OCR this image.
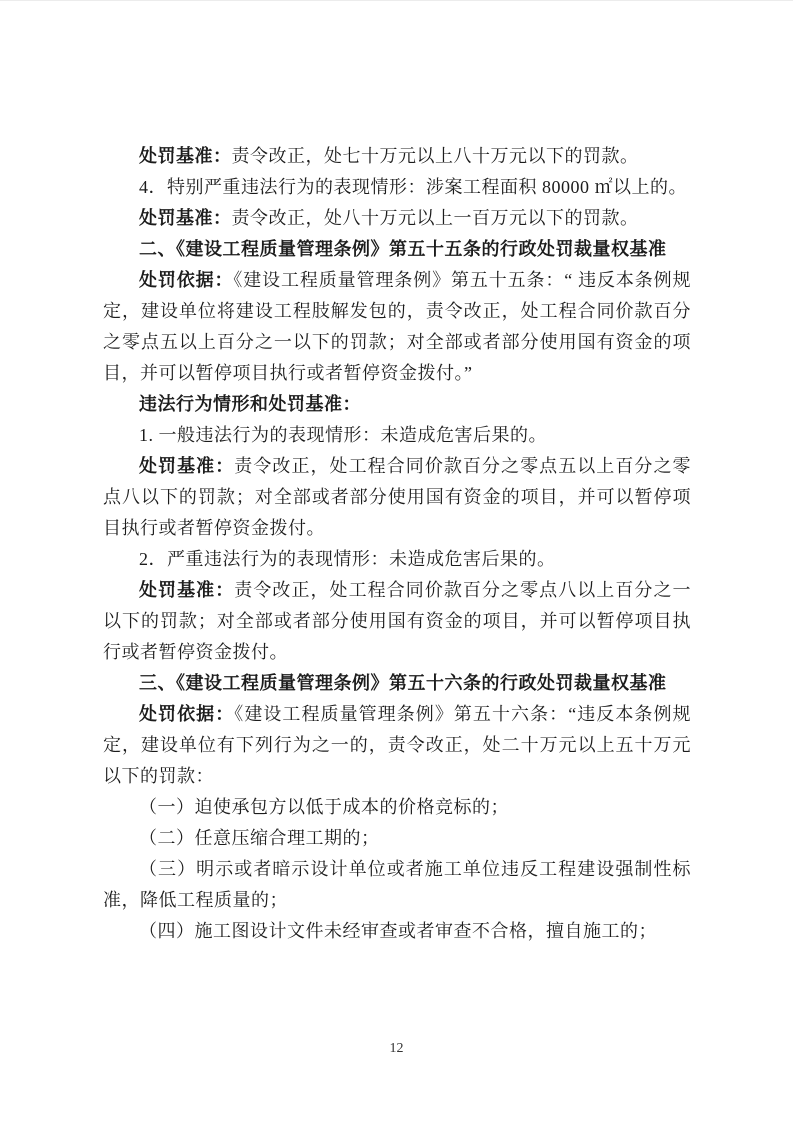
处罚基准：责令改正，处七十万元以上八十万元以下的罚款。

4．特别严重违法行为的表现情形：涉案工程面积 80000 ㎡以上的。

处罚基准：责令改正，处八十万元以上一百万元以下的罚款。

二、《建设工程质量管理条例》第五十五条的行政处罚裁量权基准

处罚依据：《建设工程质量管理条例》第五十五条：“ 违反本条例规定，建设单位将建设工程肢解发包的，责令改正，处工程合同价款百分之零点五以上百分之一以下的罚款；对全部或者部分使用国有资金的项目，并可以暂停项目执行或者暂停资金拨付。”

违法行为情形和处罚基准：

1. 一般违法行为的表现情形：未造成危害后果的。

处罚基准：责令改正，处工程合同价款百分之零点五以上百分之零点八以下的罚款；对全部或者部分使用国有资金的项目，并可以暂停项目执行或者暂停资金拨付。

2．严重违法行为的表现情形：未造成危害后果的。

处罚基准：责令改正，处工程合同价款百分之零点八以上百分之一以下的罚款；对全部或者部分使用国有资金的项目，并可以暂停项目执行或者暂停资金拨付。

三、《建设工程质量管理条例》第五十六条的行政处罚裁量权基准

处罚依据：《建设工程质量管理条例》第五十六条：“违反本条例规定，建设单位有下列行为之一的，责令改正，处二十万元以上五十万元以下的罚款：

（一）迫使承包方以低于成本的价格竞标的；

（二）任意压缩合理工期的；

（三）明示或者暗示设计单位或者施工单位违反工程建设强制性标准，降低工程质量的；

（四）施工图设计文件未经审查或者审查不合格，擅自施工的；

12
